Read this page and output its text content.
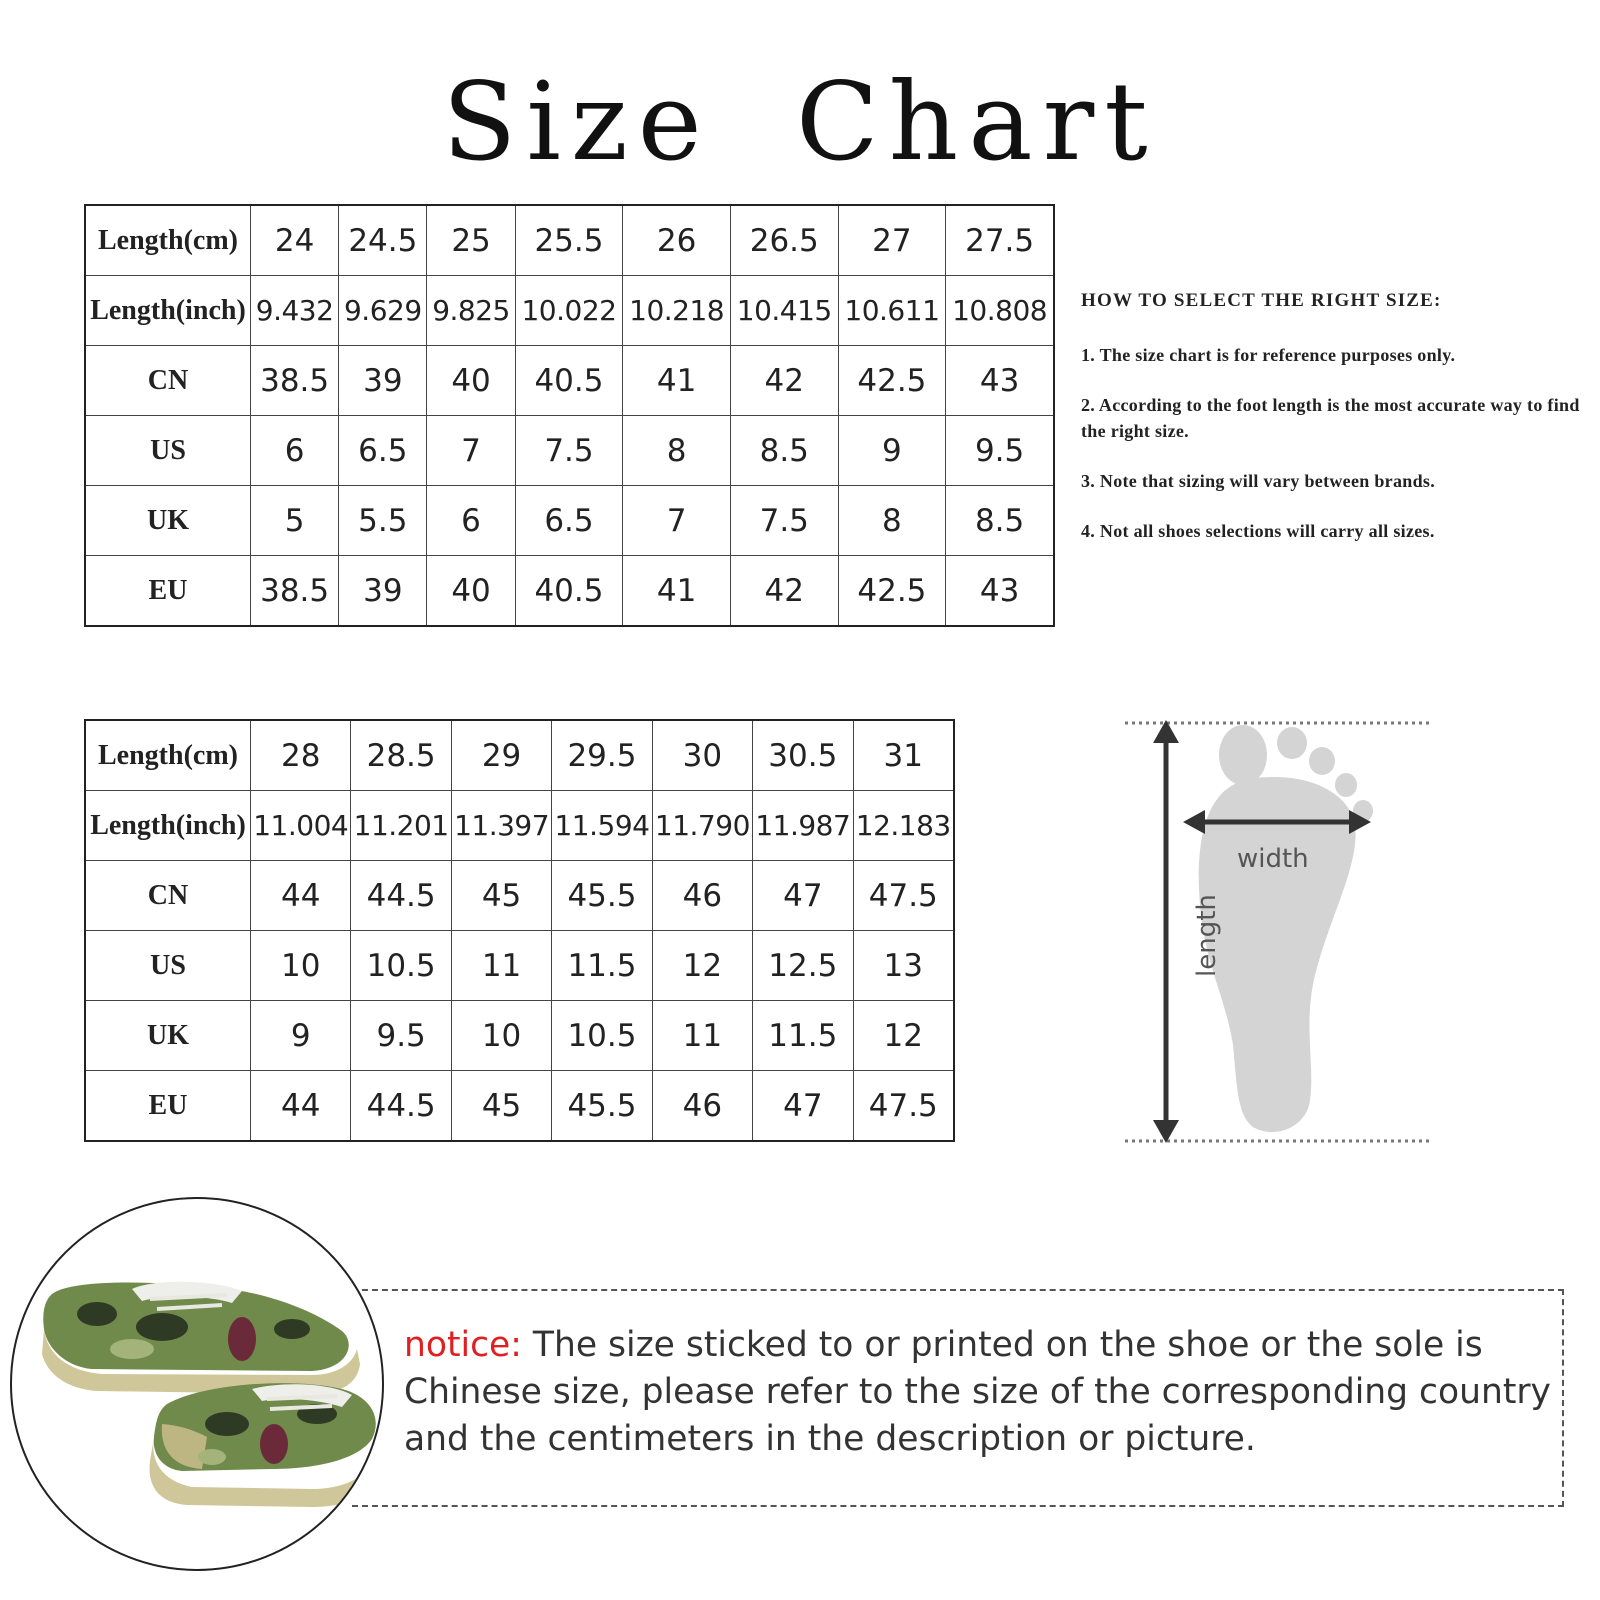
Size Chart
Length(cm)	24	24.5	25	25.5	26	26.5	27	27.5
Length(inch)	9.432	9.629	9.825	10.022	10.218	10.415	10.611	10.808
CN	38.5	39	40	40.5	41	42	42.5	43
US	6	6.5	7	7.5	8	8.5	9	9.5
UK	5	5.5	6	6.5	7	7.5	8	8.5
EU	38.5	39	40	40.5	41	42	42.5	43
Length(cm)	28	28.5	29	29.5	30	30.5	31
Length(inch)	11.004	11.201	11.397	11.594	11.790	11.987	12.183
CN	44	44.5	45	45.5	46	47	47.5
US	10	10.5	11	11.5	12	12.5	13
UK	9	9.5	10	10.5	11	11.5	12
EU	44	44.5	45	45.5	46	47	47.5
HOW TO SELECT THE RIGHT SIZE:
1. The size chart is for reference purposes only.
2. According to the foot length is the most accurate way to find the right size.
3. Note that sizing will vary between brands.
4. Not all shoes selections will carry all sizes.
width
length
notice: The size sticked to or printed on the shoe or the sole is Chinese size, please refer to the size of the corresponding country and the centimeters in the description or picture.
